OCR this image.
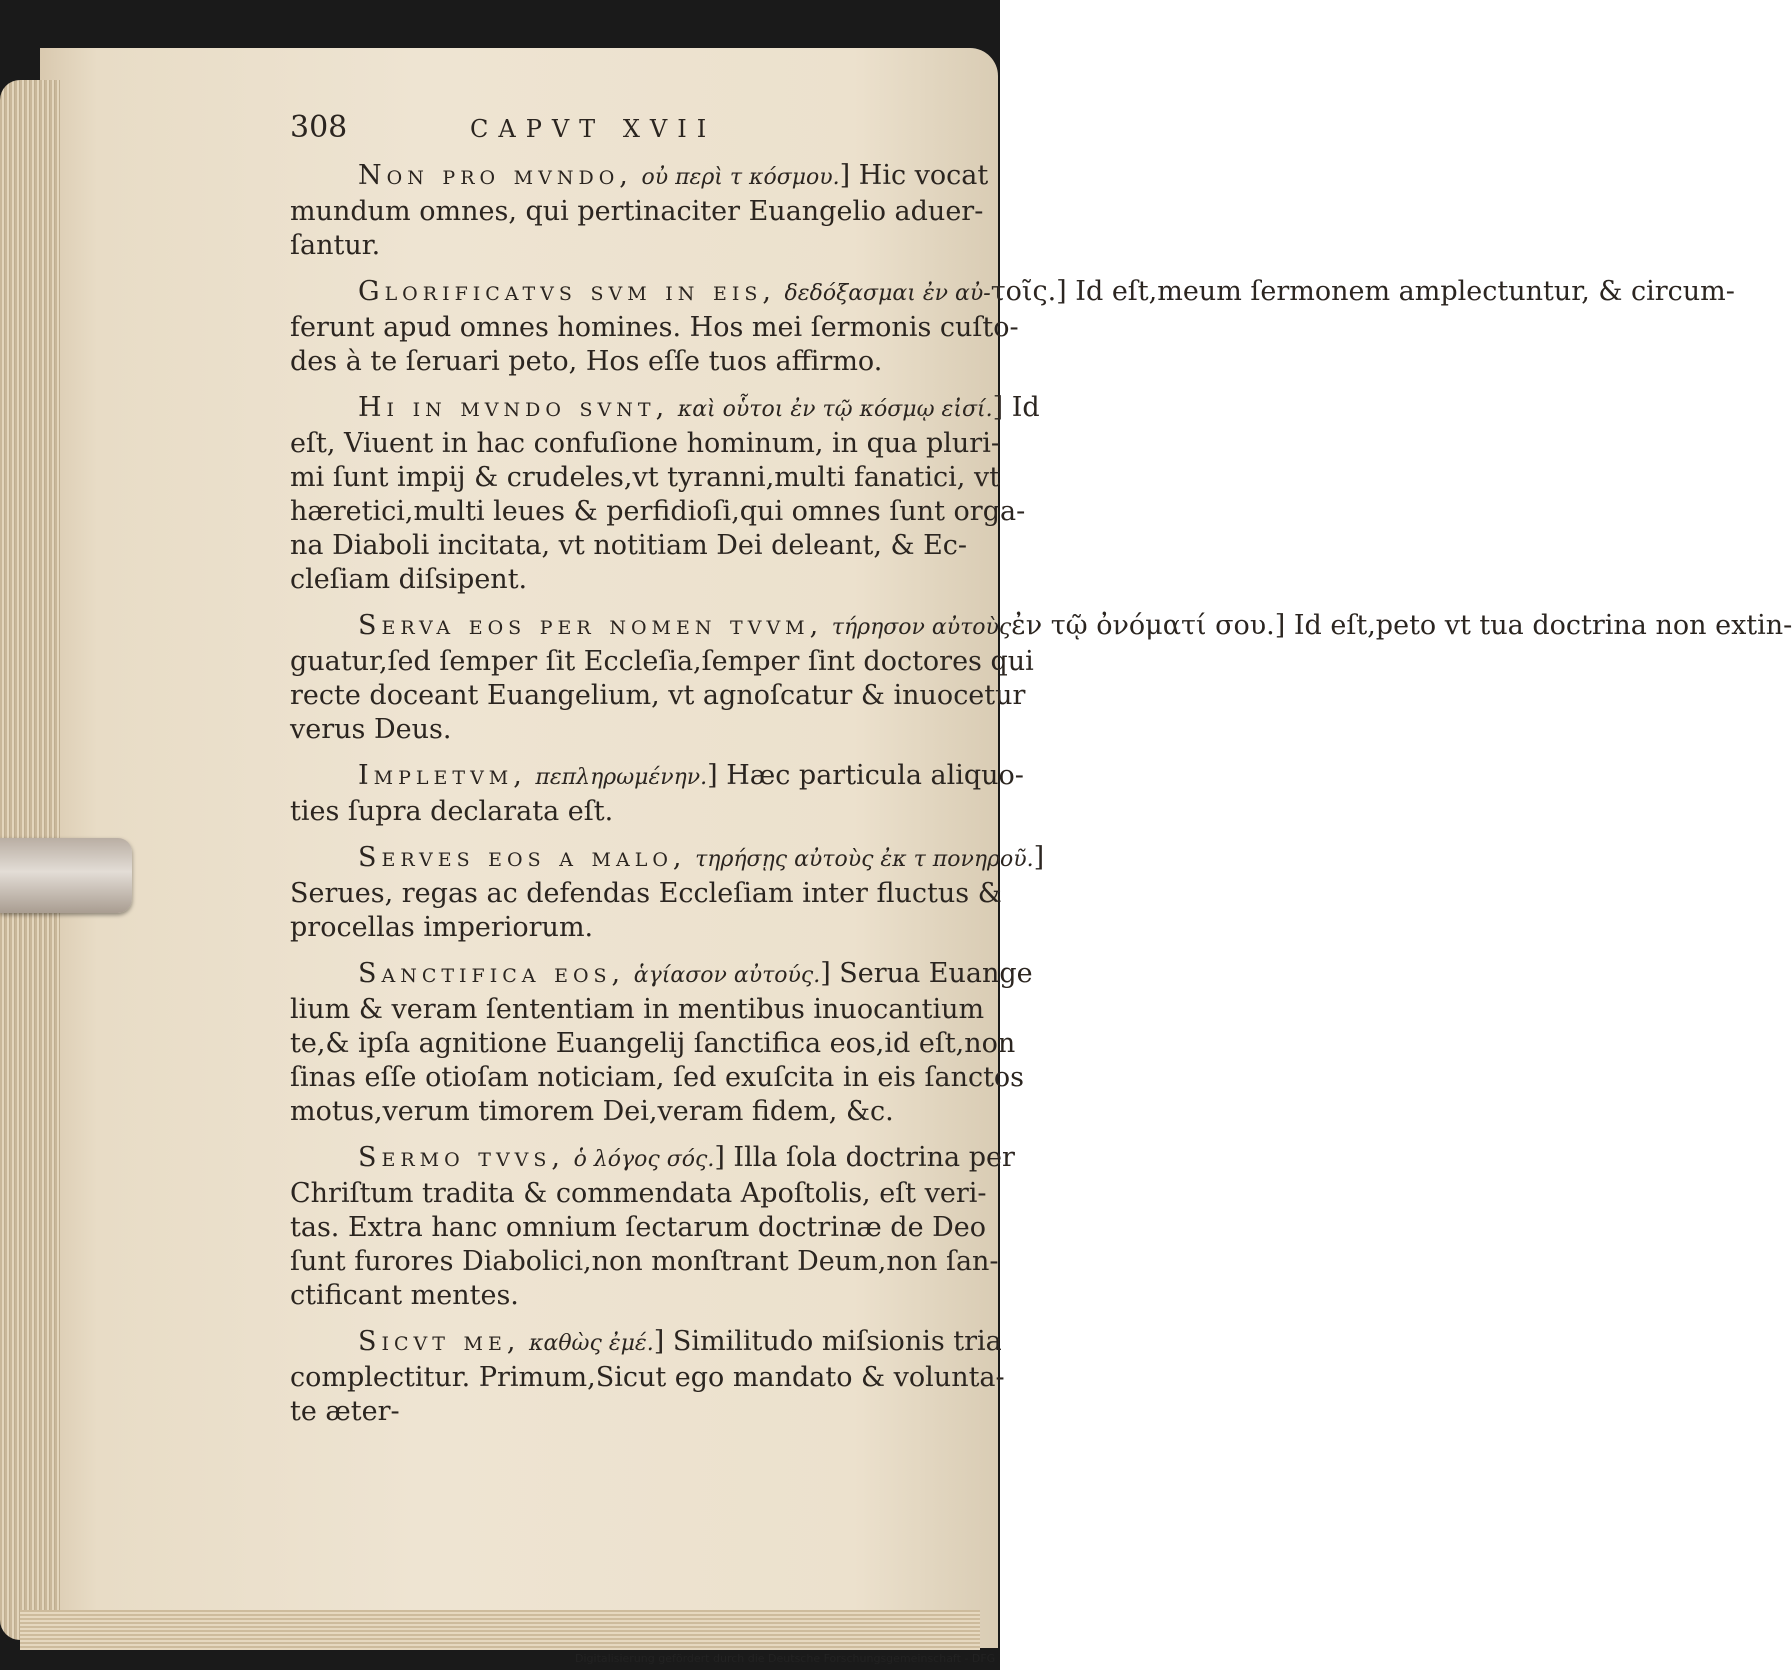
308	CAPVT XVII
Non pro mvndo, οὐ περὶ τ κόσμου.] Hic vocat
mundum omnes, qui pertinaciter Euangelio aduer-
ſantur.
Glorificatvs svm in eis, δεδόξασμαι ἐν αὐ-τοῖς.] Id eſt,meum ſermonem amplectuntur, & circum-
ferunt apud omnes homines. Hos mei ſermonis cuſto-
des à te ſeruari peto, Hos eſſe tuos affirmo.
Hi in mvndo svnt, καὶ οὗτοι ἐν τῷ κόσμῳ εἰσί.] Id
eſt, Viuent in hac confuſione hominum, in qua pluri-
mi ſunt impij & crudeles,vt tyranni,multi fanatici, vt
hæretici,multi leues & perfidioſi,qui omnes ſunt orga-
na Diaboli incitata, vt notitiam Dei deleant, & Ec-
cleſiam diſsipent.
Serva eos per nomen tvvm, τήρησον αὐτοὺςἐν τῷ ὀνόματί σου.] Id eſt,peto vt tua doctrina non extin-
guatur,ſed ſemper ſit Eccleſia,ſemper ſint doctores qui
recte doceant Euangelium, vt agnoſcatur & inuocetur
verus Deus.
Impletvm, πεπληρωμένην.] Hæc particula aliquo-
ties ſupra declarata eſt.
Serves eos a malo, τηρήσῃς αὐτοὺς ἐκ τ πονηροῦ.]
Serues, regas ac defendas Eccleſiam inter fluctus &
procellas imperiorum.
Sanctifica eos, ἁγίασον αὐτούς.] Serua Euange
lium & veram ſententiam in mentibus inuocantium
te,& ipſa agnitione Euangelij ſanctifica eos,id eſt,non
ſinas eſſe otioſam noticiam, ſed exuſcita in eis ſanctos
motus,verum timorem Dei,veram fidem, &c.
Sermo tvvs, ὁ λόγος σός.] Illa ſola doctrina per
Chriſtum tradita & commendata Apoſtolis, eſt veri-
tas. Extra hanc omnium ſectarum doctrinæ de Deo
ſunt furores Diabolici,non monſtrant Deum,non ſan-
ctificant mentes.
Sicvt me, καθὼς ἐμέ.] Similitudo miſsionis tria
complectitur. Primum,Sicut ego mandato & volunta-
te æter-
Digitalisierung gefördert durch die Deutsche Forschungsgemeinschaft - DFG
